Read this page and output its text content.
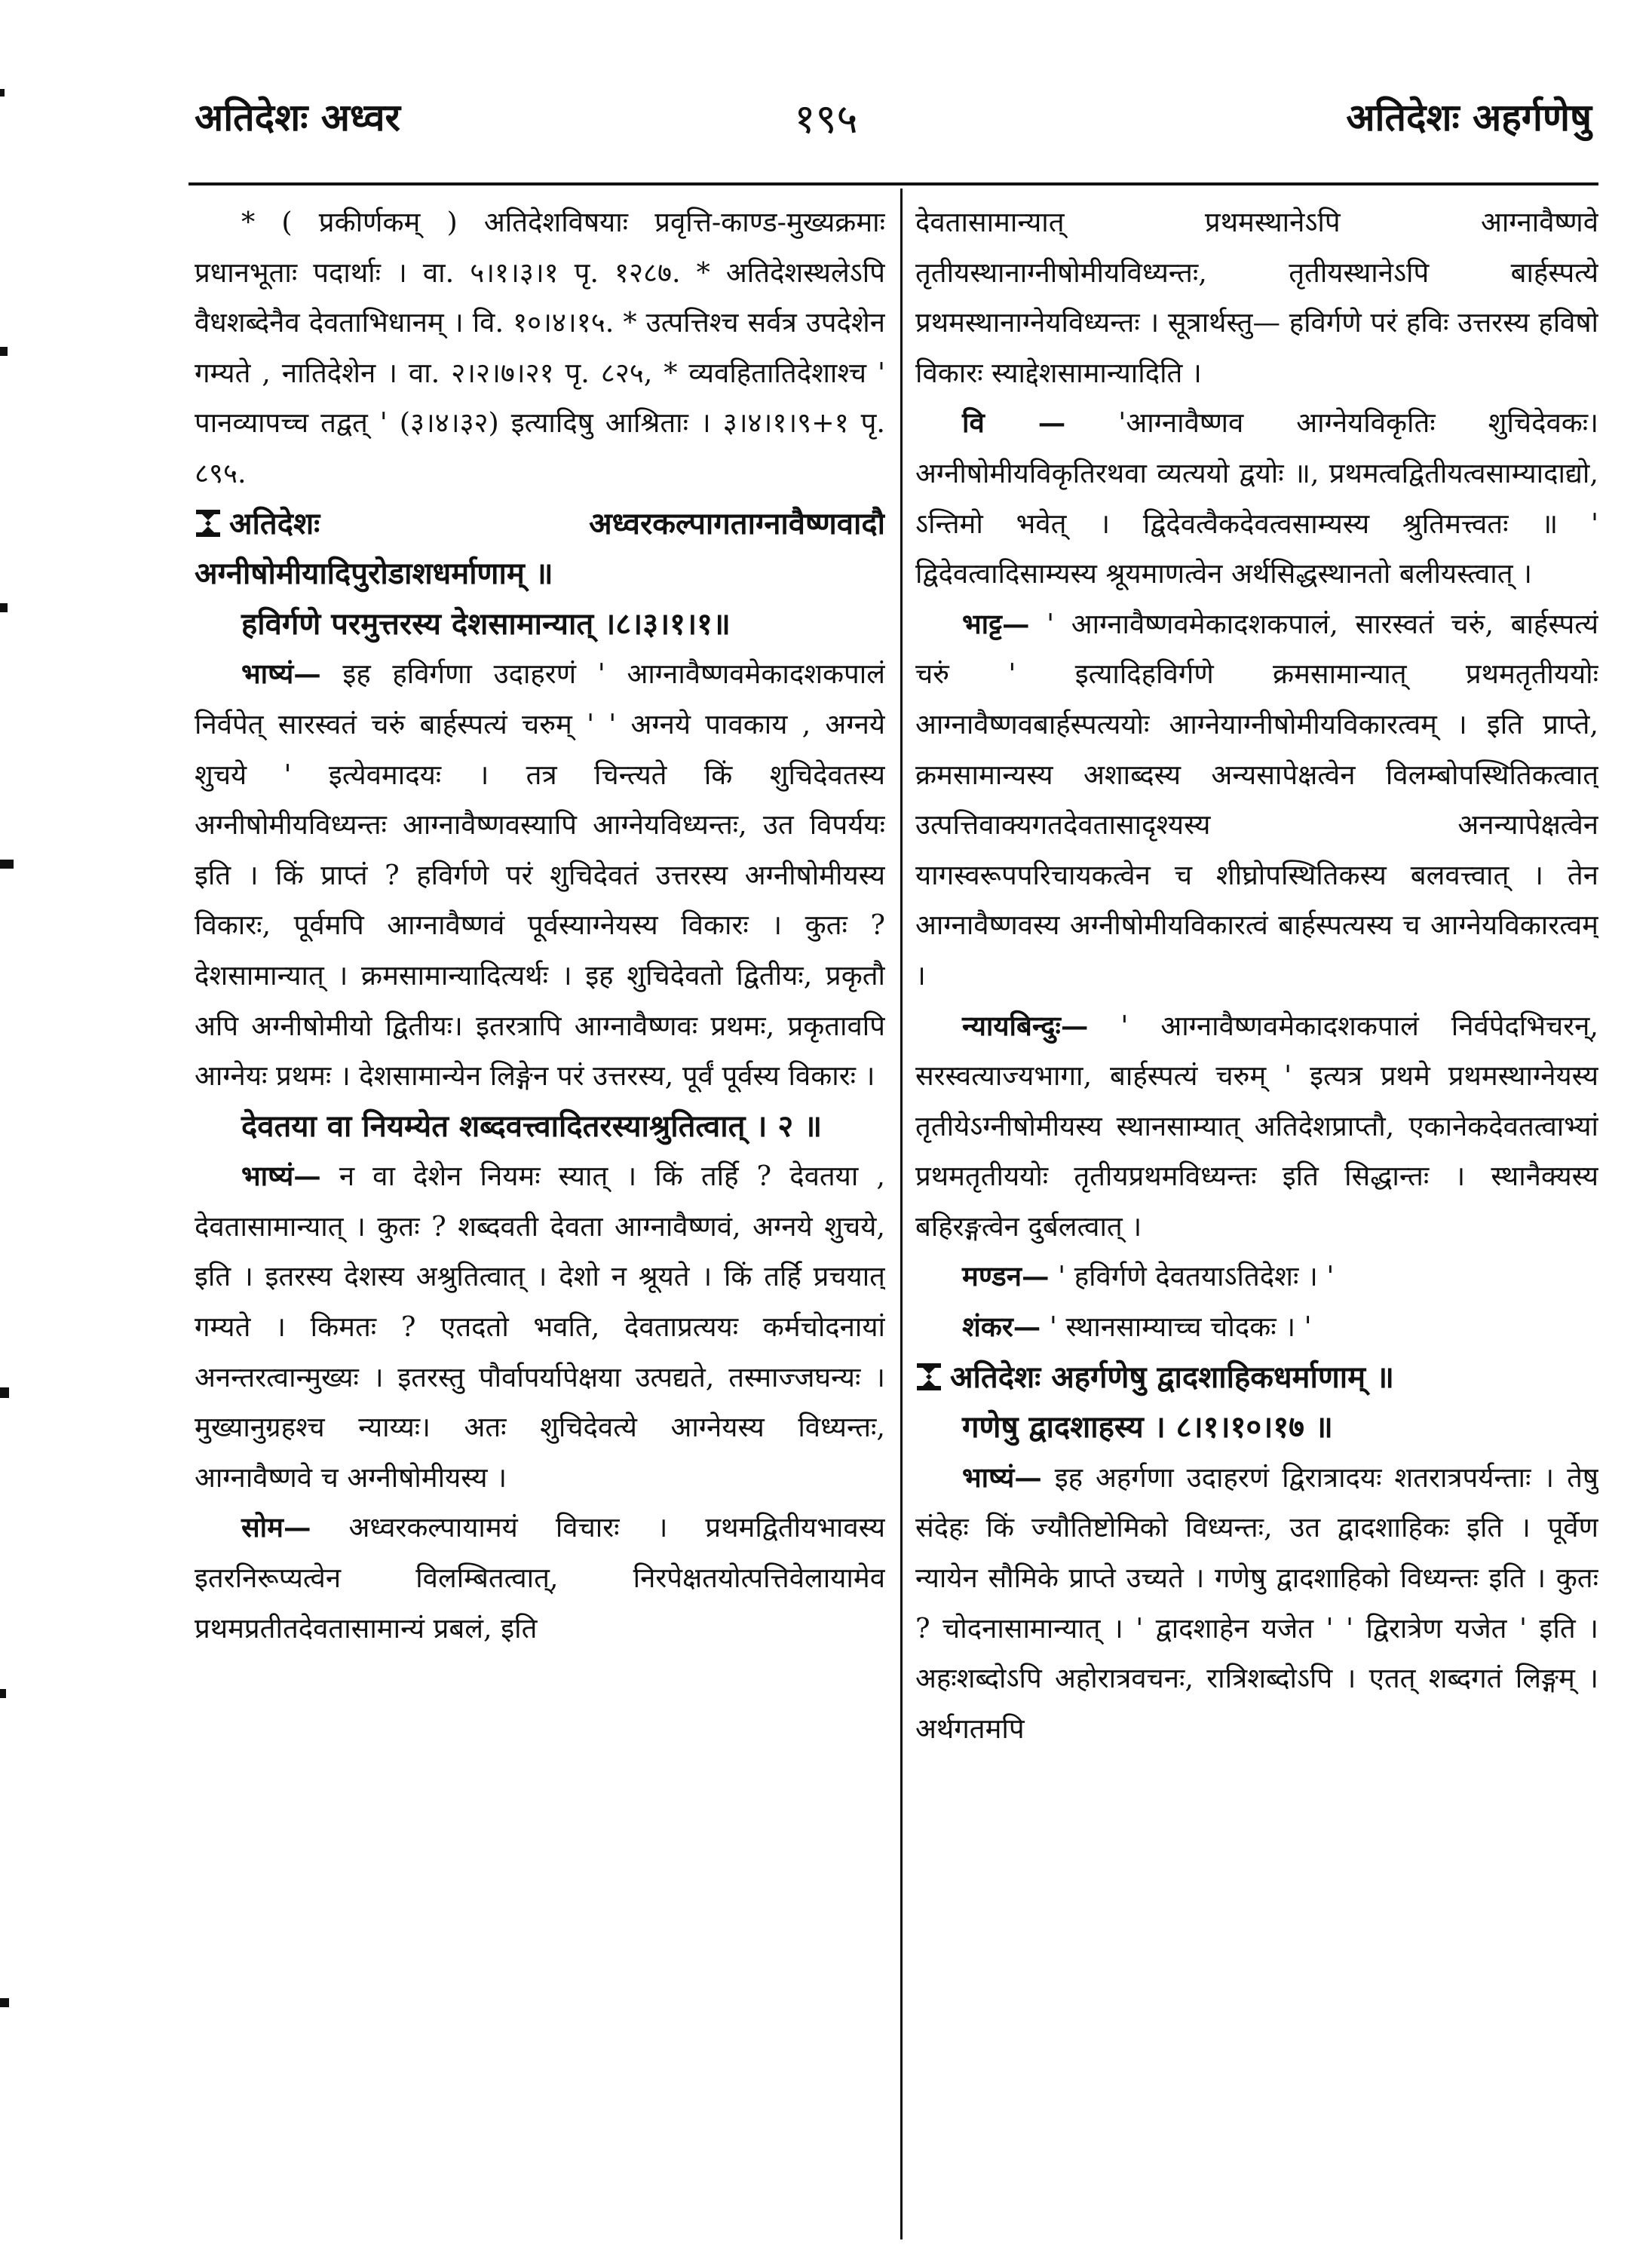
अतिदेशः अध्वर	१९५	अतिदेशः अहर्गणेषु

* ( प्रकीर्णकम् ) अतिदेशविषयाः प्रवृत्ति-काण्ड-मुख्यक्रमाः प्रधानभूताः पदार्थाः । वा. ५।१।३।१ पृ. १२८७. * अतिदेशस्थलेऽपि वैधशब्देनैव देवताभिधानम् । वि. १०।४।१५. * उत्पत्तिश्च सर्वत्र उपदेशेन गम्यते , नातिदेशेन । वा. २।२।७।२१ पृ. ८२५, * व्यवहितातिदेशाश्च ' पानव्यापच्च तद्वत् ' (३।४।३२) इत्यादिषु आश्रिताः । ३।४।१।९+१ पृ. ८९५.

अतिदेशः	अध्वरकल्पागताग्नावैष्णवादौ अग्नीषोमीयादिपुरोडाशधर्माणाम् ॥

हविर्गणे परमुत्तरस्य देशसामान्यात् ।८।३।१।१॥

भाष्यं— इह हविर्गणा उदाहरणं ' आग्नावैष्णवमेकादशकपालं निर्वपेत् सारस्वतं चरुं बार्हस्पत्यं चरुम् ' ' अग्नये पावकाय , अग्नये शुचये ' इत्येवमादयः । तत्र चिन्त्यते किं शुचिदेवतस्य अग्नीषोमीयविध्यन्तः आग्नावैष्णवस्यापि आग्नेयविध्यन्तः, उत विपर्ययः इति । किं प्राप्तं ? हविर्गणे परं शुचिदेवतं उत्तरस्य अग्नीषोमीयस्य विकारः, पूर्वमपि आग्नावैष्णवं पूर्वस्याग्नेयस्य विकारः । कुतः ? देशसामान्यात् । क्रमसामान्यादित्यर्थः । इह शुचिदेवतो द्वितीयः, प्रकृतौ अपि अग्नीषोमीयो द्वितीयः। इतरत्रापि आग्नावैष्णवः प्रथमः, प्रकृतावपि आग्नेयः प्रथमः । देशसामान्येन लिङ्गेन परं उत्तरस्य, पूर्वं पूर्वस्य विकारः ।

देवतया वा नियम्येत शब्दवत्त्वादितरस्याश्रुतित्वात् । २ ॥

भाष्यं— न वा देशेन नियमः स्यात् । किं तर्हि ? देवतया , देवतासामान्यात् । कुतः ? शब्दवती देवता आग्नावैष्णवं, अग्नये शुचये, इति । इतरस्य देशस्य अश्रुतित्वात् । देशो न श्रूयते । किं तर्हि प्रचयात् गम्यते । किमतः ? एतदतो भवति, देवताप्रत्ययः कर्मचोदनायां अनन्तरत्वान्मुख्यः । इतरस्तु पौर्वापर्यापेक्षया उत्पद्यते, तस्माज्जघन्यः । मुख्यानुग्रहश्च न्याय्यः। अतः शुचिदेवत्ये आग्नेयस्य विध्यन्तः, आग्नावैष्णवे च अग्नीषोमीयस्य ।

सोम— अध्वरकल्पायामयं विचारः । प्रथमद्वितीयभावस्य इतरनिरूप्यत्वेन विलम्बितत्वात्, निरपेक्षतयोत्पत्तिवेलायामेव प्रथमप्रतीतदेवतासामान्यं प्रबलं, इति

देवतासामान्यात् प्रथमस्थानेऽपि आग्नावैष्णवे तृतीयस्थानाग्नीषोमीयविध्यन्तः, तृतीयस्थानेऽपि बार्हस्पत्ये प्रथमस्थानाग्नेयविध्यन्तः । सूत्रार्थस्तु— हविर्गणे परं हविः उत्तरस्य हविषो विकारः स्याद्देशसामान्यादिति ।

वि — 'आग्नावैष्णव आग्नेयविकृतिः शुचिदेवकः। अग्नीषोमीयविकृतिरथवा व्यत्ययो द्वयोः ॥, प्रथमत्वद्वितीयत्वसाम्यादाद्यो, ऽन्तिमो भवेत् । द्विदेवत्वैकदेवत्वसाम्यस्य श्रुतिमत्त्वतः ॥ ' द्विदेवत्वादिसाम्यस्य श्रूयमाणत्वेन अर्थसिद्धस्थानतो बलीयस्त्वात् ।

भाट्ट— ' आग्नावैष्णवमेकादशकपालं, सारस्वतं चरुं, बार्हस्पत्यं चरुं ' इत्यादिहविर्गणे क्रमसामान्यात् प्रथमतृतीययोः आग्नावैष्णवबार्हस्पत्ययोः आग्नेयाग्नीषोमीयविकारत्वम् । इति प्राप्ते, क्रमसामान्यस्य अशाब्दस्य अन्यसापेक्षत्वेन विलम्बोपस्थितिकत्वात् उत्पत्तिवाक्यगतदेवतासादृश्यस्य अनन्यापेक्षत्वेन यागस्वरूपपरिचायकत्वेन च शीघ्रोपस्थितिकस्य बलवत्त्वात् । तेन आग्नावैष्णवस्य अग्नीषोमीयविकारत्वं बार्हस्पत्यस्य च आग्नेयविकारत्वम् ।

न्यायबिन्दुः— ' आग्नावैष्णवमेकादशकपालं निर्वपेदभिचरन्, सरस्वत्याज्यभागा, बार्हस्पत्यं चरुम् ' इत्यत्र प्रथमे प्रथमस्थाग्नेयस्य तृतीयेऽग्नीषोमीयस्य स्थानसाम्यात् अतिदेशप्राप्तौ, एकानेकदेवतत्वाभ्यां प्रथमतृतीययोः तृतीयप्रथमविध्यन्तः इति सिद्धान्तः । स्थानैक्यस्य बहिरङ्गत्वेन दुर्बलत्वात् ।

मण्डन— ' हविर्गणे देवतयाऽतिदेशः । '

शंकर— ' स्थानसाम्याच्च चोदकः । '

अतिदेशः अहर्गणेषु द्वादशाहिकधर्माणाम् ॥

गणेषु द्वादशाहस्य । ८।१।१०।१७ ॥

भाष्यं— इह अहर्गणा उदाहरणं द्विरात्रादयः शतरात्रपर्यन्ताः । तेषु संदेहः किं ज्यौतिष्टोमिको विध्यन्तः, उत द्वादशाहिकः इति । पूर्वेण न्यायेन सौमिके प्राप्ते उच्यते । गणेषु द्वादशाहिको विध्यन्तः इति । कुतः ? चोदनासामान्यात् । ' द्वादशाहेन यजेत ' ' द्विरात्रेण यजेत ' इति । अहःशब्दोऽपि अहोरात्रवचनः, रात्रिशब्दोऽपि । एतत् शब्दगतं लिङ्गम् । अर्थगतमपि
